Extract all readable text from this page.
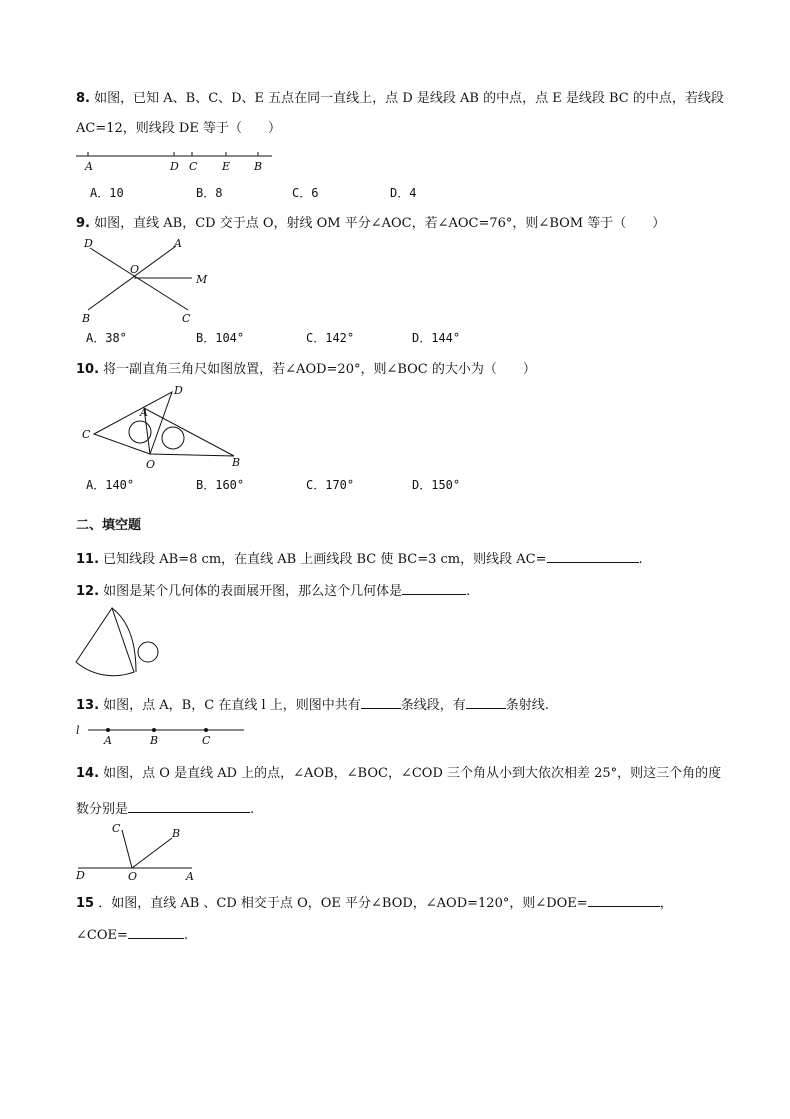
8. 如图，已知 A、B、C、D、E 五点在同一直线上，点 D 是线段 AB 的中点，点 E 是线段 BC 的中点，若线段
AC=12，则线段 DE 等于（　　）
A	D C E B
A．10	B．8	C．6	D．4
9. 如图，直线 AB，CD 交于点 O，射线 OM 平分∠AOC，若∠AOC=76°，则∠BOM 等于（　　）
D	A
O
M
B	C
A．38°	B．104°	C．142°	D．144°
10. 将一副直角三角尺如图放置，若∠AOD=20°，则∠BOC 的大小为（　　）
D
A
C
O	B
A．140°	B．160°	C．170°	D．150°
二、填空题
11. 已知线段 AB=8 cm，在直线 AB 上画线段 BC 使 BC=3 cm，则线段 AC=	.
12. 如图是某个几何体的表面展开图，那么这个几何体是	.
13. 如图，点 A，B，C 在直线 l 上，则图中共有	条线段，有	条射线.
l
A	B	C
14. 如图，点 O 是直线 AD 上的点，∠AOB，∠BOC，∠COD 三个角从小到大依次相差 25°，则这三个角的度
数分别是	.
C	B
D	O	A
15 ．如图，直线 AB 、CD 相交于点 O，OE 平分∠BOD，∠AOD=120°，则∠DOE=	，
∠COE=	.
